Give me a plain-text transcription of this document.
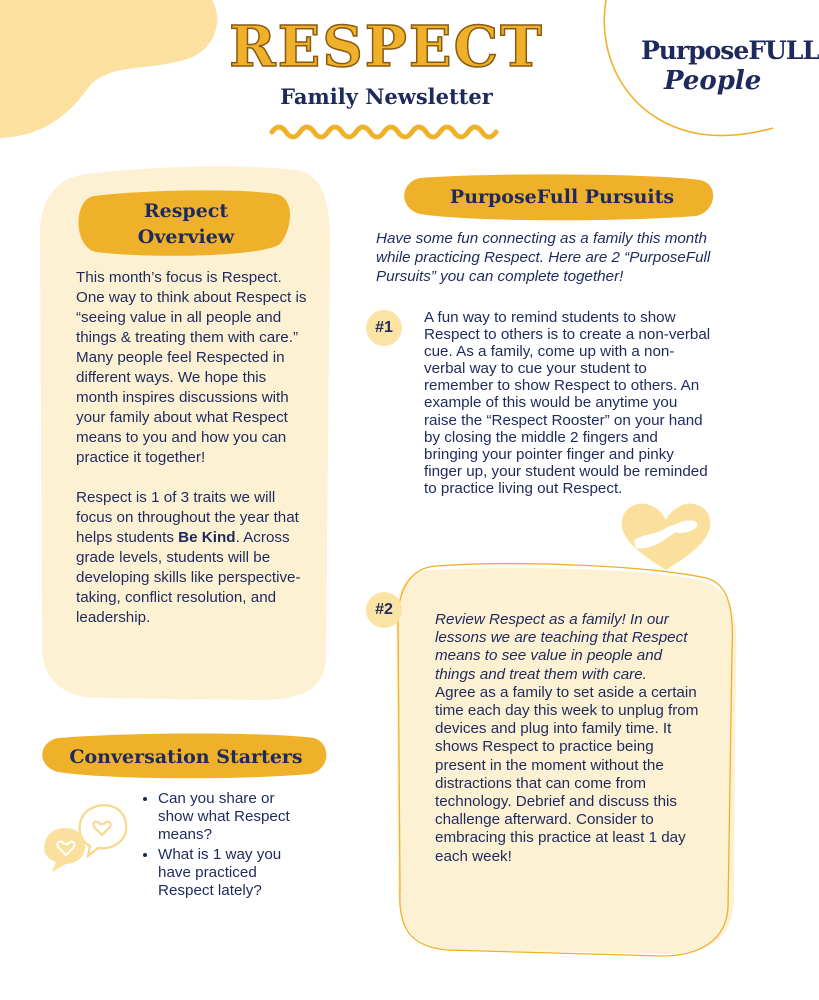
RESPECT
Family Newsletter
PurposeFULL
People
Respect Overview

This month’s focus is Respect. One way to think about Respect is “seeing value in all people and things & treating them with care.” Many people feel Respected in different ways. We hope this month inspires discussions with your family about what Respect means to you and how you can practice it together!

Respect is 1 of 3 traits we will focus on throughout the year that helps students Be Kind. Across grade levels, students will be developing skills like perspective-taking, conflict resolution, and leadership.

Conversation Starters
• Can you share or show what Respect means?
• What is 1 way you have practiced Respect lately?
PurposeFull Pursuits
Have some fun connecting as a family this month while practicing Respect. Here are 2 “PurposeFull Pursuits” you can complete together!
#1
A fun way to remind students to show Respect to others is to create a non-verbal cue. As a family, come up with a non-verbal way to cue your student to remember to show Respect to others. An example of this would be anytime you raise the “Respect Rooster” on your hand by closing the middle 2 fingers and bringing your pointer finger and pinky finger up, your student would be reminded to practice living out Respect.
#2
Review Respect as a family! In our lessons we are teaching that Respect means to see value in people and things and treat them with care.
Agree as a family to set aside a certain time each day this week to unplug from devices and plug into family time. It shows Respect to practice being present in the moment without the distractions that can come from technology. Debrief and discuss this challenge afterward. Consider to embracing this practice at least 1 day each week!
